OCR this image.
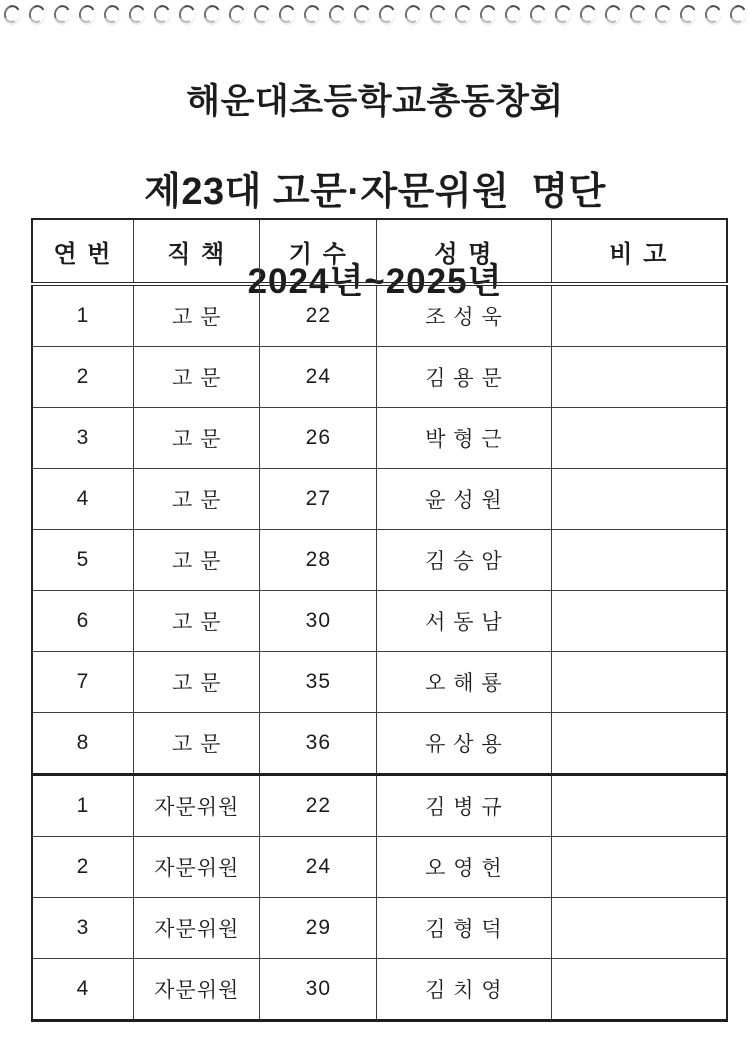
해운대초등학교총동창회

제23대 고문·자문위원  명단

2024년~2025년

연 번	직 책	기 수	성 명	비 고
1	고 문	22	조 성 욱	
2	고 문	24	김 용 문	
3	고 문	26	박 형 근	
4	고 문	27	윤 성 원	
5	고 문	28	김 승 암	
6	고 문	30	서 동 남	
7	고 문	35	오 해 룡	
8	고 문	36	유 상 용	
1	자문위원	22	김 병 규	
2	자문위원	24	오 영 헌	
3	자문위원	29	김 형 덕	
4	자문위원	30	김 치 영	
